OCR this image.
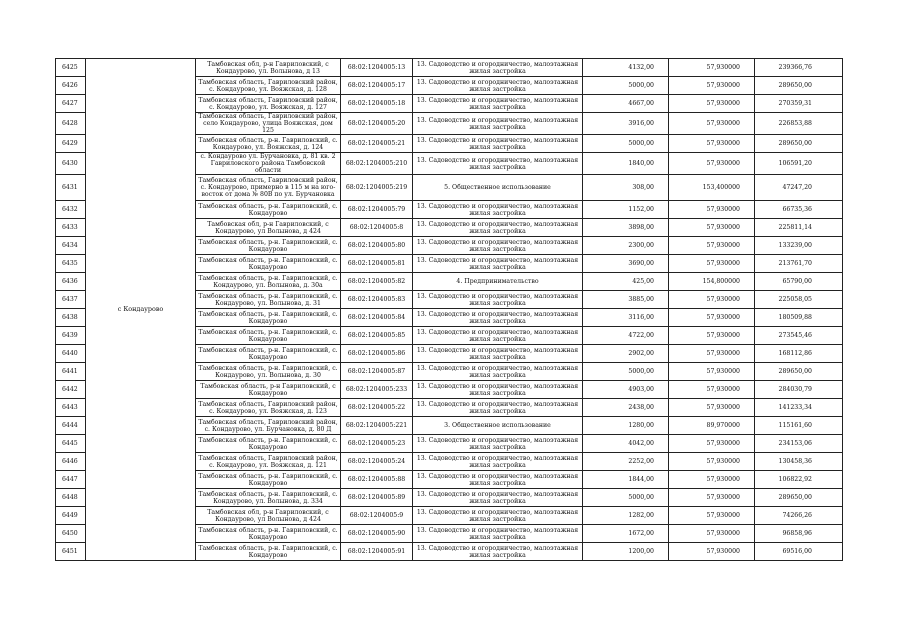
6425	с Кондаурово	Тамбовская обл, р-н Гавриловский, с Кондаурово, ул. Волынова, д 13	68:02:1204005:13	13. Садоводство и огородничество, малоэтажная жилая застройка	4132,00	57,930000	239366,76
6426		Тамбовская область, Гавриловский район, с. Кондаурово, ул. Вояжская, д. 128	68:02:1204005:17	13. Садоводство и огородничество, малоэтажная жилая застройка	5000,00	57,930000	289650,00
6427		Тамбовская область, Гавриловский район, с. Кондаурово, ул. Вояжская, д. 127	68:02:1204005:18	13. Садоводство и огородничество, малоэтажная жилая застройка	4667,00	57,930000	270359,31
6428		Тамбовская область, Гавриловский район, село Кондаурово, улица Вояжская, дом 125	68:02:1204005:20	13. Садоводство и огородничество, малоэтажная жилая застройка	3916,00	57,930000	226853,88
6429		Тамбовская область, р-н. Гавриловский, с. Кондаурово, ул. Вояжская, д. 124	68:02:1204005:21	13. Садоводство и огородничество, малоэтажная жилая застройка	5000,00	57,930000	289650,00
6430		с. Кондаурово ул. Бурчановка, д. 81 кв. 2 Гавриловского района Тамбовской области	68:02:1204005:210	13. Садоводство и огородничество, малоэтажная жилая застройка	1840,00	57,930000	106591,20
6431		Тамбовская область, Гавриловский район, с. Кондаурово, примерно в 115 м на юго-восток от дома № 80В по ул. Бурчановка	68:02:1204005:219	5. Общественное использование	308,00	153,400000	47247,20
6432		Тамбовская область, р-н. Гавриловский, с. Кондаурово	68:02:1204005:79	13. Садоводство и огородничество, малоэтажная жилая застройка	1152,00	57,930000	66735,36
6433		Тамбовская обл, р-н Гавриловский, с Кондаурово, ул Волынова, д 424	68:02:1204005:8	13. Садоводство и огородничество, малоэтажная жилая застройка	3898,00	57,930000	225811,14
6434		Тамбовская область, р-н. Гавриловский, с. Кондаурово	68:02:1204005:80	13. Садоводство и огородничество, малоэтажная жилая застройка	2300,00	57,930000	133239,00
6435		Тамбовская область, р-н. Гавриловский, с. Кондаурово	68:02:1204005:81	13. Садоводство и огородничество, малоэтажная жилая застройка	3690,00	57,930000	213761,70
6436		Тамбовская область, р-н. Гавриловский, с. Кондаурово, ул. Волынова, д. 30а	68:02:1204005:82	4. Предпринимательство	425,00	154,800000	65790,00
6437		Тамбовская область, р-н. Гавриловский, с. Кондаурово, ул. Волынова, д. 31	68:02:1204005:83	13. Садоводство и огородничество, малоэтажная жилая застройка	3885,00	57,930000	225058,05
6438		Тамбовская область, р-н. Гавриловский, с. Кондаурово	68:02:1204005:84	13. Садоводство и огородничество, малоэтажная жилая застройка	3116,00	57,930000	180509,88
6439		Тамбовская область, р-н. Гавриловский, с. Кондаурово	68:02:1204005:85	13. Садоводство и огородничество, малоэтажная жилая застройка	4722,00	57,930000	273545,46
6440		Тамбовская область, р-н. Гавриловский, с. Кондаурово	68:02:1204005:86	13. Садоводство и огородничество, малоэтажная жилая застройка	2902,00	57,930000	168112,86
6441		Тамбовская область, р-н. Гавриловский, с. Кондаурово, ул. Волынова, д. 30	68:02:1204005:87	13. Садоводство и огородничество, малоэтажная жилая застройка	5000,00	57,930000	289650,00
6442		Тамбовская область, р-н Гавриловский, с Кондаурово	68:02:1204005:233	13. Садоводство и огородничество, малоэтажная жилая застройка	4903,00	57,930000	284030,79
6443		Тамбовская область, Гавриловский район, с. Кондаурово, ул. Вояжская, д. 123	68:02:1204005:22	13. Садоводство и огородничество, малоэтажная жилая застройка	2438,00	57,930000	141233,34
6444		Тамбовская область, Гавриловский район, с. Кондаурово, ул. Бурчановка, д. 80 Д	68:02:1204005:221	3. Общественное использование	1280,00	89,970000	115161,60
6445		Тамбовская область, р-н. Гавриловский, с. Кондаурово	68:02:1204005:23	13. Садоводство и огородничество, малоэтажная жилая застройка	4042,00	57,930000	234153,06
6446		Тамбовская область, Гавриловский район, с. Кондаурово, ул. Вояжская, д. 121	68:02:1204005:24	13. Садоводство и огородничество, малоэтажная жилая застройка	2252,00	57,930000	130458,36
6447		Тамбовская область, р-н. Гавриловский, с. Кондаурово	68:02:1204005:88	13. Садоводство и огородничество, малоэтажная жилая застройка	1844,00	57,930000	106822,92
6448		Тамбовская область, р-н. Гавриловский, с. Кондаурово, ул. Волынова, д. 334	68:02:1204005:89	13. Садоводство и огородничество, малоэтажная жилая застройка	5000,00	57,930000	289650,00
6449		Тамбовская обл, р-н Гавриловский, с Кондаурово, ул Волынова, д 424	68:02:1204005:9	13. Садоводство и огородничество, малоэтажная жилая застройка	1282,00	57,930000	74266,26
6450		Тамбовская область, р-н. Гавриловский, с. Кондаурово	68:02:1204005:90	13. Садоводство и огородничество, малоэтажная жилая застройка	1672,00	57,930000	96858,96
6451		Тамбовская область, р-н. Гавриловский, с. Кондаурово	68:02:1204005:91	13. Садоводство и огородничество, малоэтажная жилая застройка	1200,00	57,930000	69516,00
